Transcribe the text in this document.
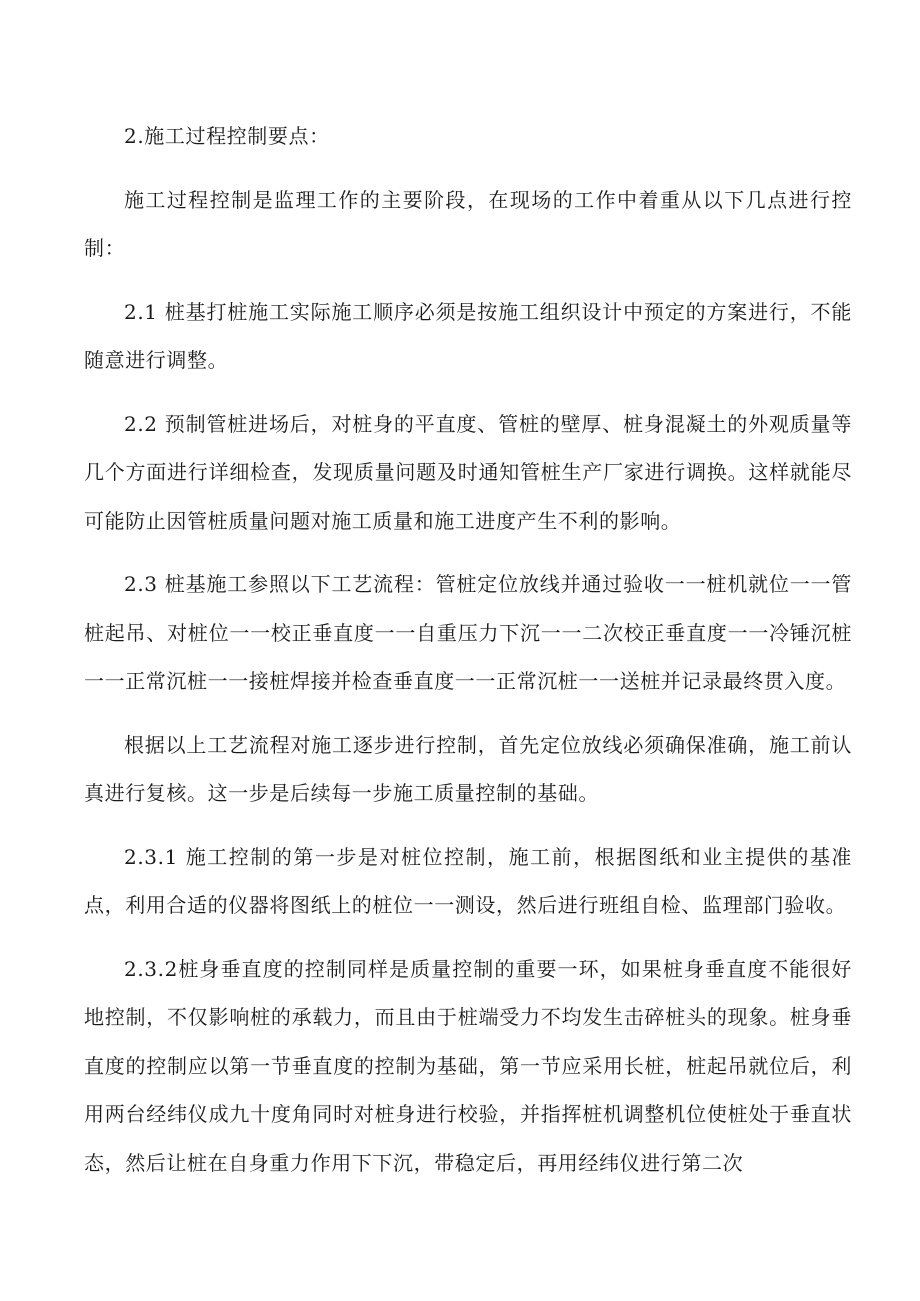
2.施工过程控制要点：

施工过程控制是监理工作的主要阶段，在现场的工作中着重从以下几点进行控制：

2.1 桩基打桩施工实际施工顺序必须是按施工组织设计中预定的方案进行，不能随意进行调整。

2.2 预制管桩进场后，对桩身的平直度、管桩的壁厚、桩身混凝土的外观质量等几个方面进行详细检查，发现质量问题及时通知管桩生产厂家进行调换。这样就能尽可能防止因管桩质量问题对施工质量和施工进度产生不利的影响。

2.3 桩基施工参照以下工艺流程：管桩定位放线并通过验收一一桩机就位一一管桩起吊、对桩位一一校正垂直度一一自重压力下沉一一二次校正垂直度一一冷锤沉桩一一正常沉桩一一接桩焊接并检查垂直度一一正常沉桩一一送桩并记录最终贯入度。

根据以上工艺流程对施工逐步进行控制，首先定位放线必须确保准确，施工前认真进行复核。这一步是后续每一步施工质量控制的基础。

2.3.1 施工控制的第一步是对桩位控制，施工前，根据图纸和业主提供的基准点，利用合适的仪器将图纸上的桩位一一测设，然后进行班组自检、监理部门验收。

2.3.2桩身垂直度的控制同样是质量控制的重要一环，如果桩身垂直度不能很好地控制，不仅影响桩的承载力，而且由于桩端受力不均发生击碎桩头的现象。桩身垂直度的控制应以第一节垂直度的控制为基础，第一节应采用长桩，桩起吊就位后，利用两台经纬仪成九十度角同时对桩身进行校验，并指挥桩机调整机位使桩处于垂直状态，然后让桩在自身重力作用下下沉，带稳定后，再用经纬仪进行第二次
